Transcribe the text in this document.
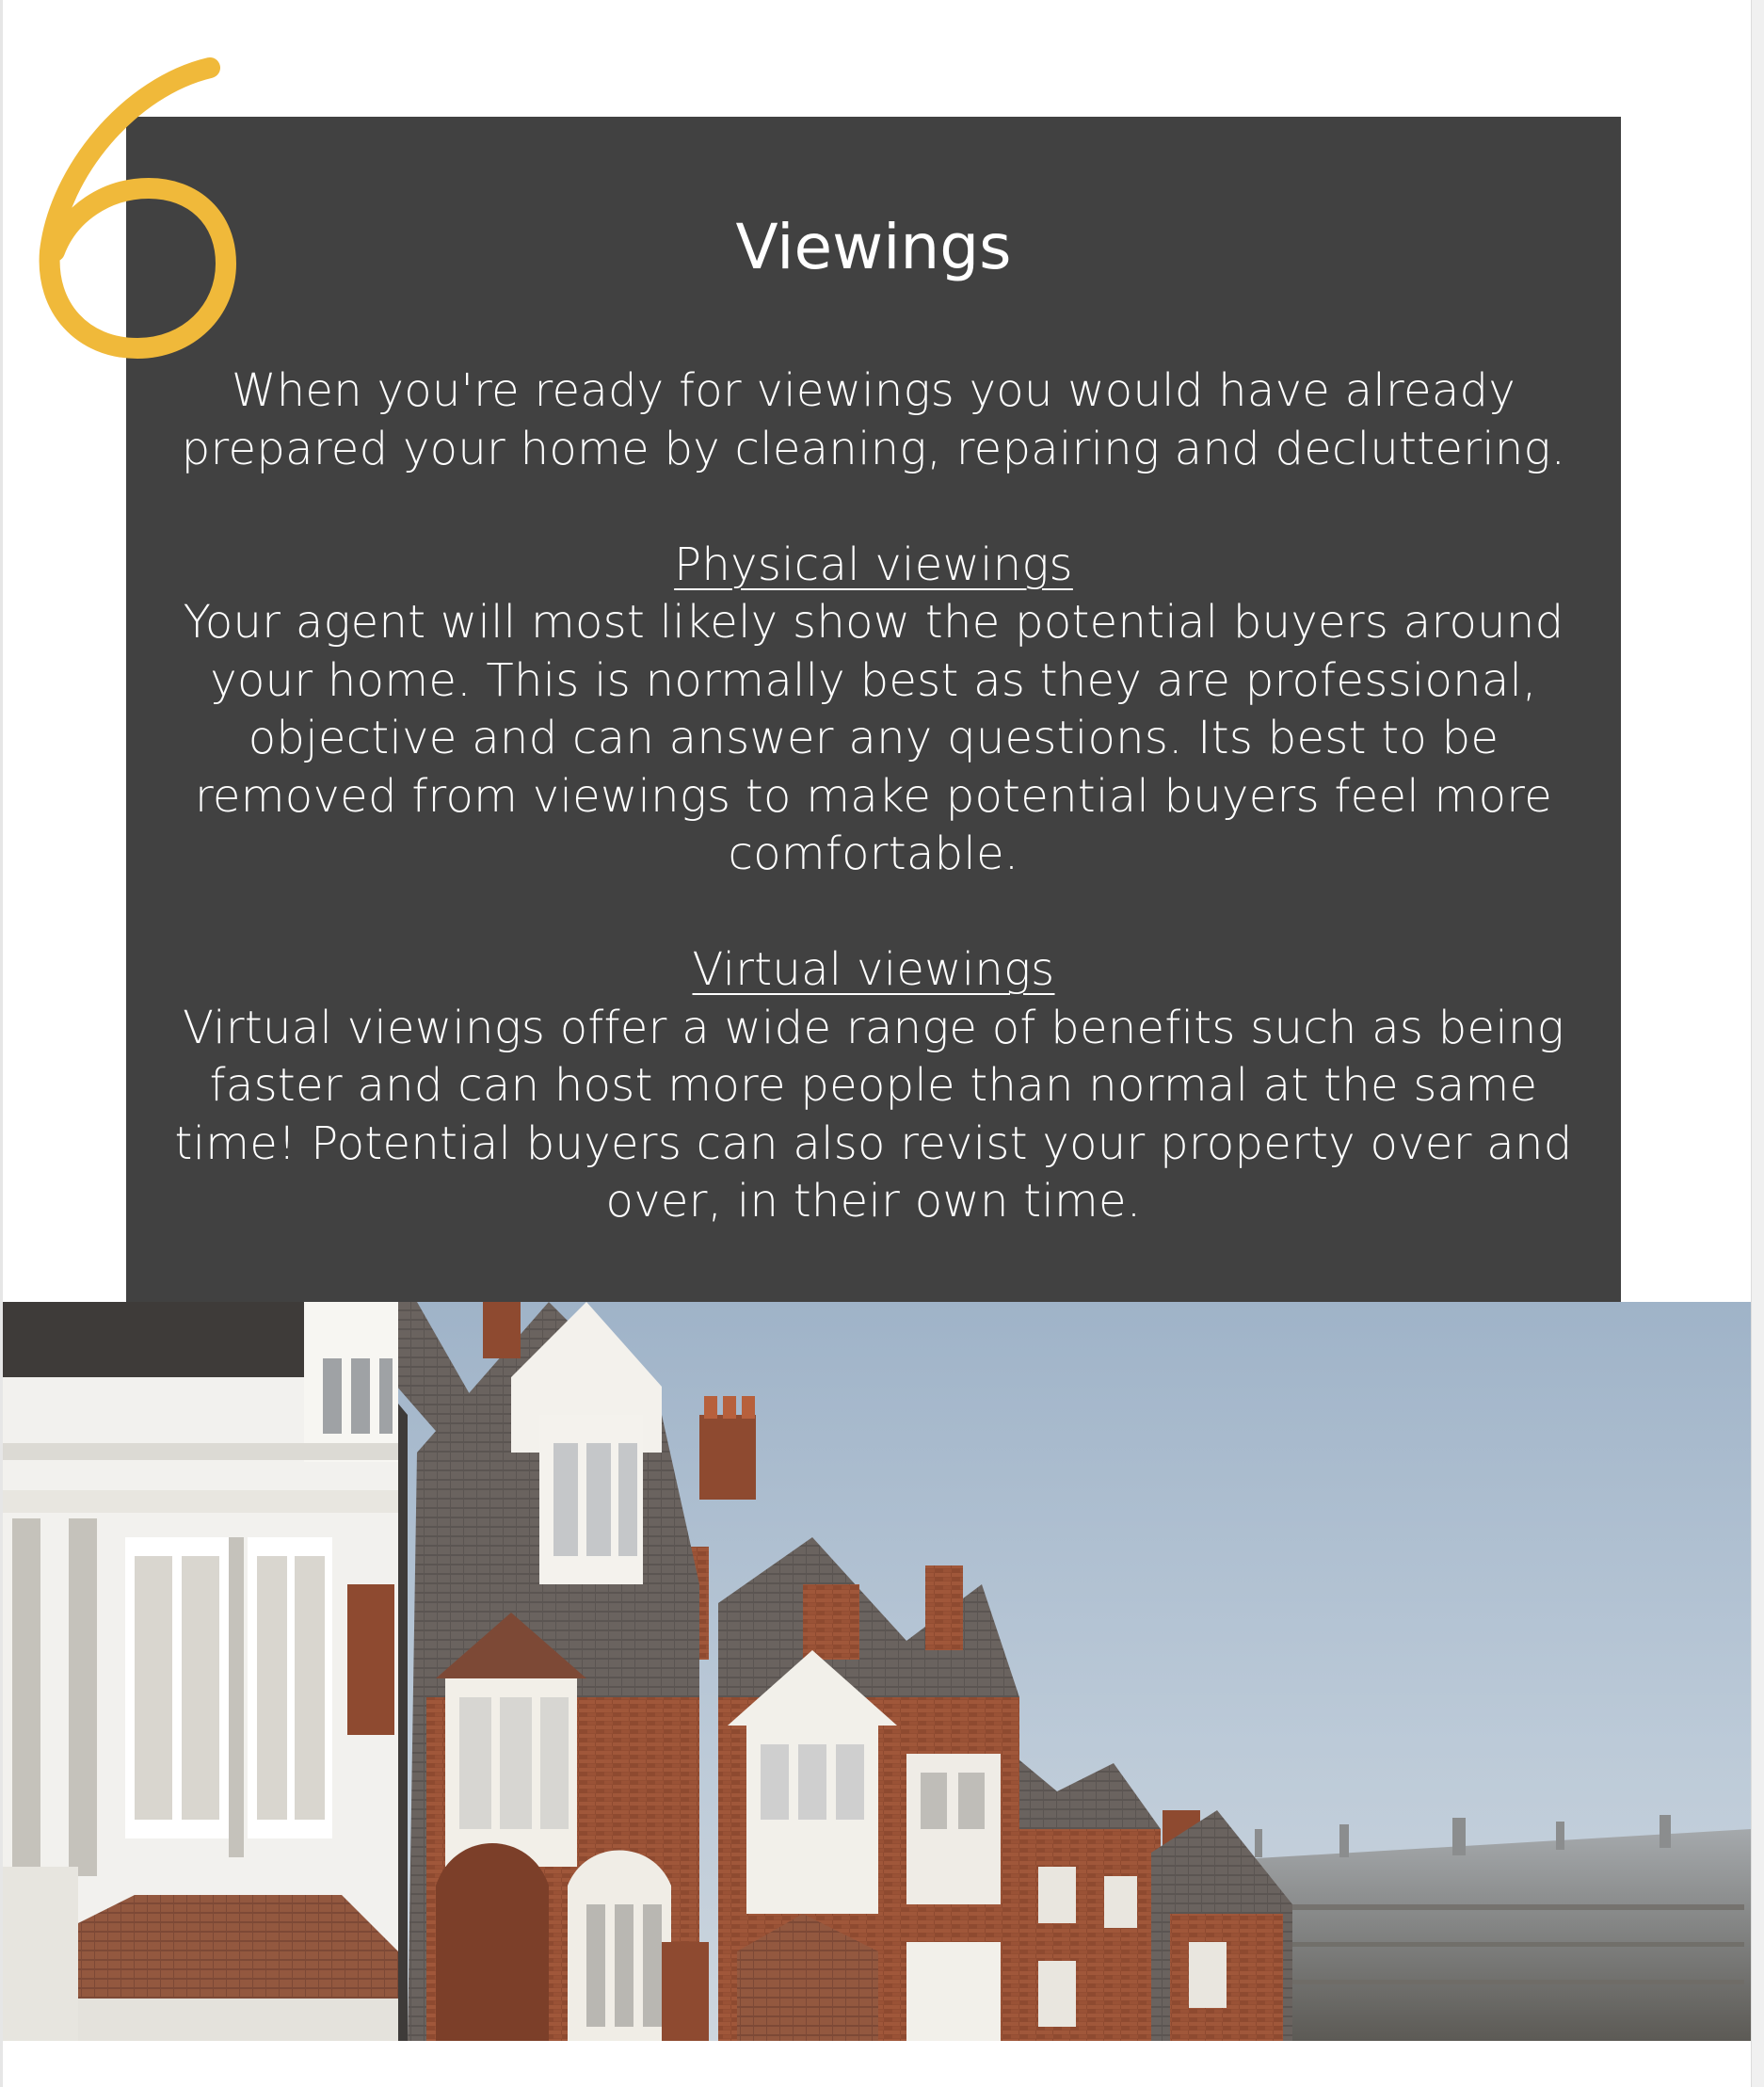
Viewings

When you're ready for viewings you would have already

prepared your home by cleaning, repairing and decluttering.

Physical viewings

Your agent will most likely show the potential buyers around

your home. This is normally best as they are professional,

objective and can answer any questions. Its best to be

removed from viewings to make potential buyers feel more

comfortable.

Virtual viewings

Virtual viewings offer a wide range of benefits such as being

faster and can host more people than normal at the same

time! Potential buyers can also revist your property over and

over, in their own time.
